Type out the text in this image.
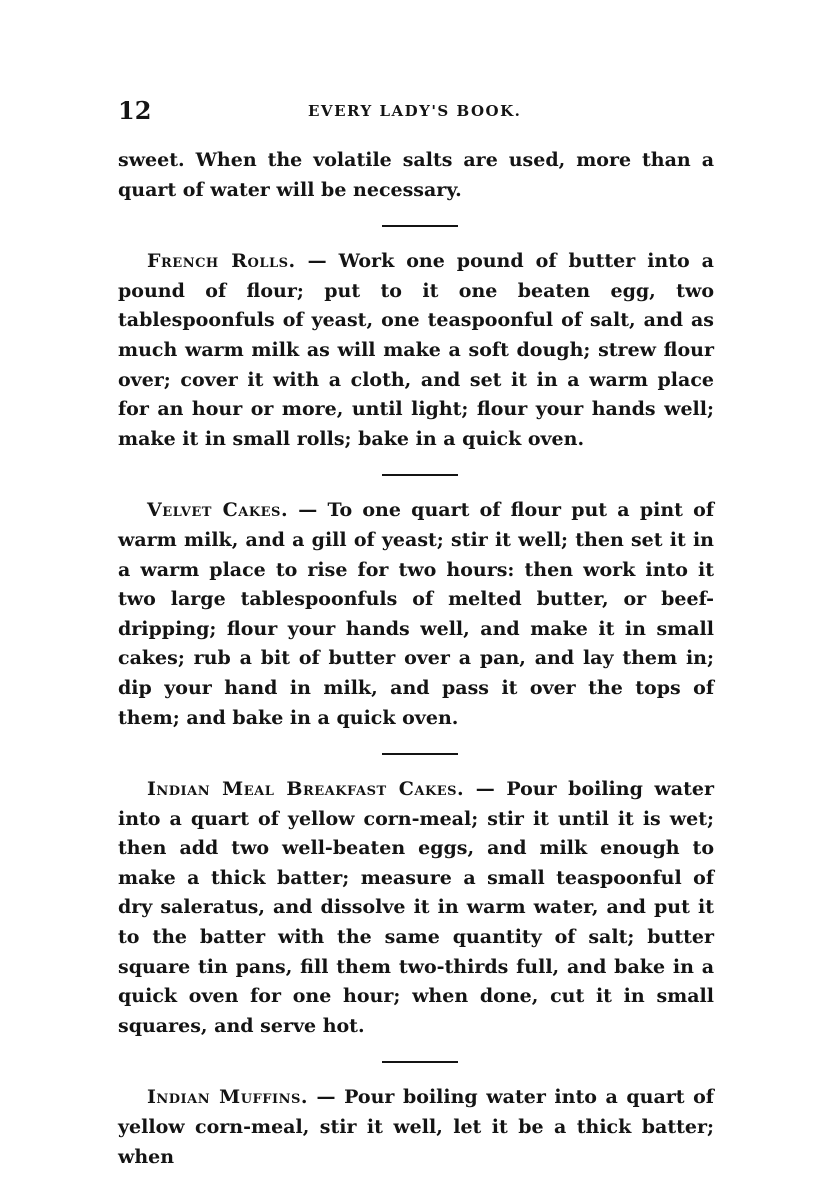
12	EVERY LADY'S BOOK.

sweet. When the volatile salts are used, more than a quart of water will be necessary.

French Rolls. — Work one pound of butter into a pound of flour; put to it one beaten egg, two tablespoonfuls of yeast, one teaspoonful of salt, and as much warm milk as will make a soft dough; strew flour over; cover it with a cloth, and set it in a warm place for an hour or more, until light; flour your hands well; make it in small rolls; bake in a quick oven.

Velvet Cakes. — To one quart of flour put a pint of warm milk, and a gill of yeast; stir it well; then set it in a warm place to rise for two hours: then work into it two large tablespoonfuls of melted butter, or beef-dripping; flour your hands well, and make it in small cakes; rub a bit of butter over a pan, and lay them in; dip your hand in milk, and pass it over the tops of them; and bake in a quick oven.

Indian Meal Breakfast Cakes. — Pour boiling water into a quart of yellow corn-meal; stir it until it is wet; then add two well-beaten eggs, and milk enough to make a thick batter; measure a small teaspoonful of dry saleratus, and dissolve it in warm water, and put it to the batter with the same quantity of salt; butter square tin pans, fill them two-thirds full, and bake in a quick oven for one hour; when done, cut it in small squares, and serve hot.

Indian Muffins. — Pour boiling water into a quart of yellow corn-meal, stir it well, let it be a thick batter; when
